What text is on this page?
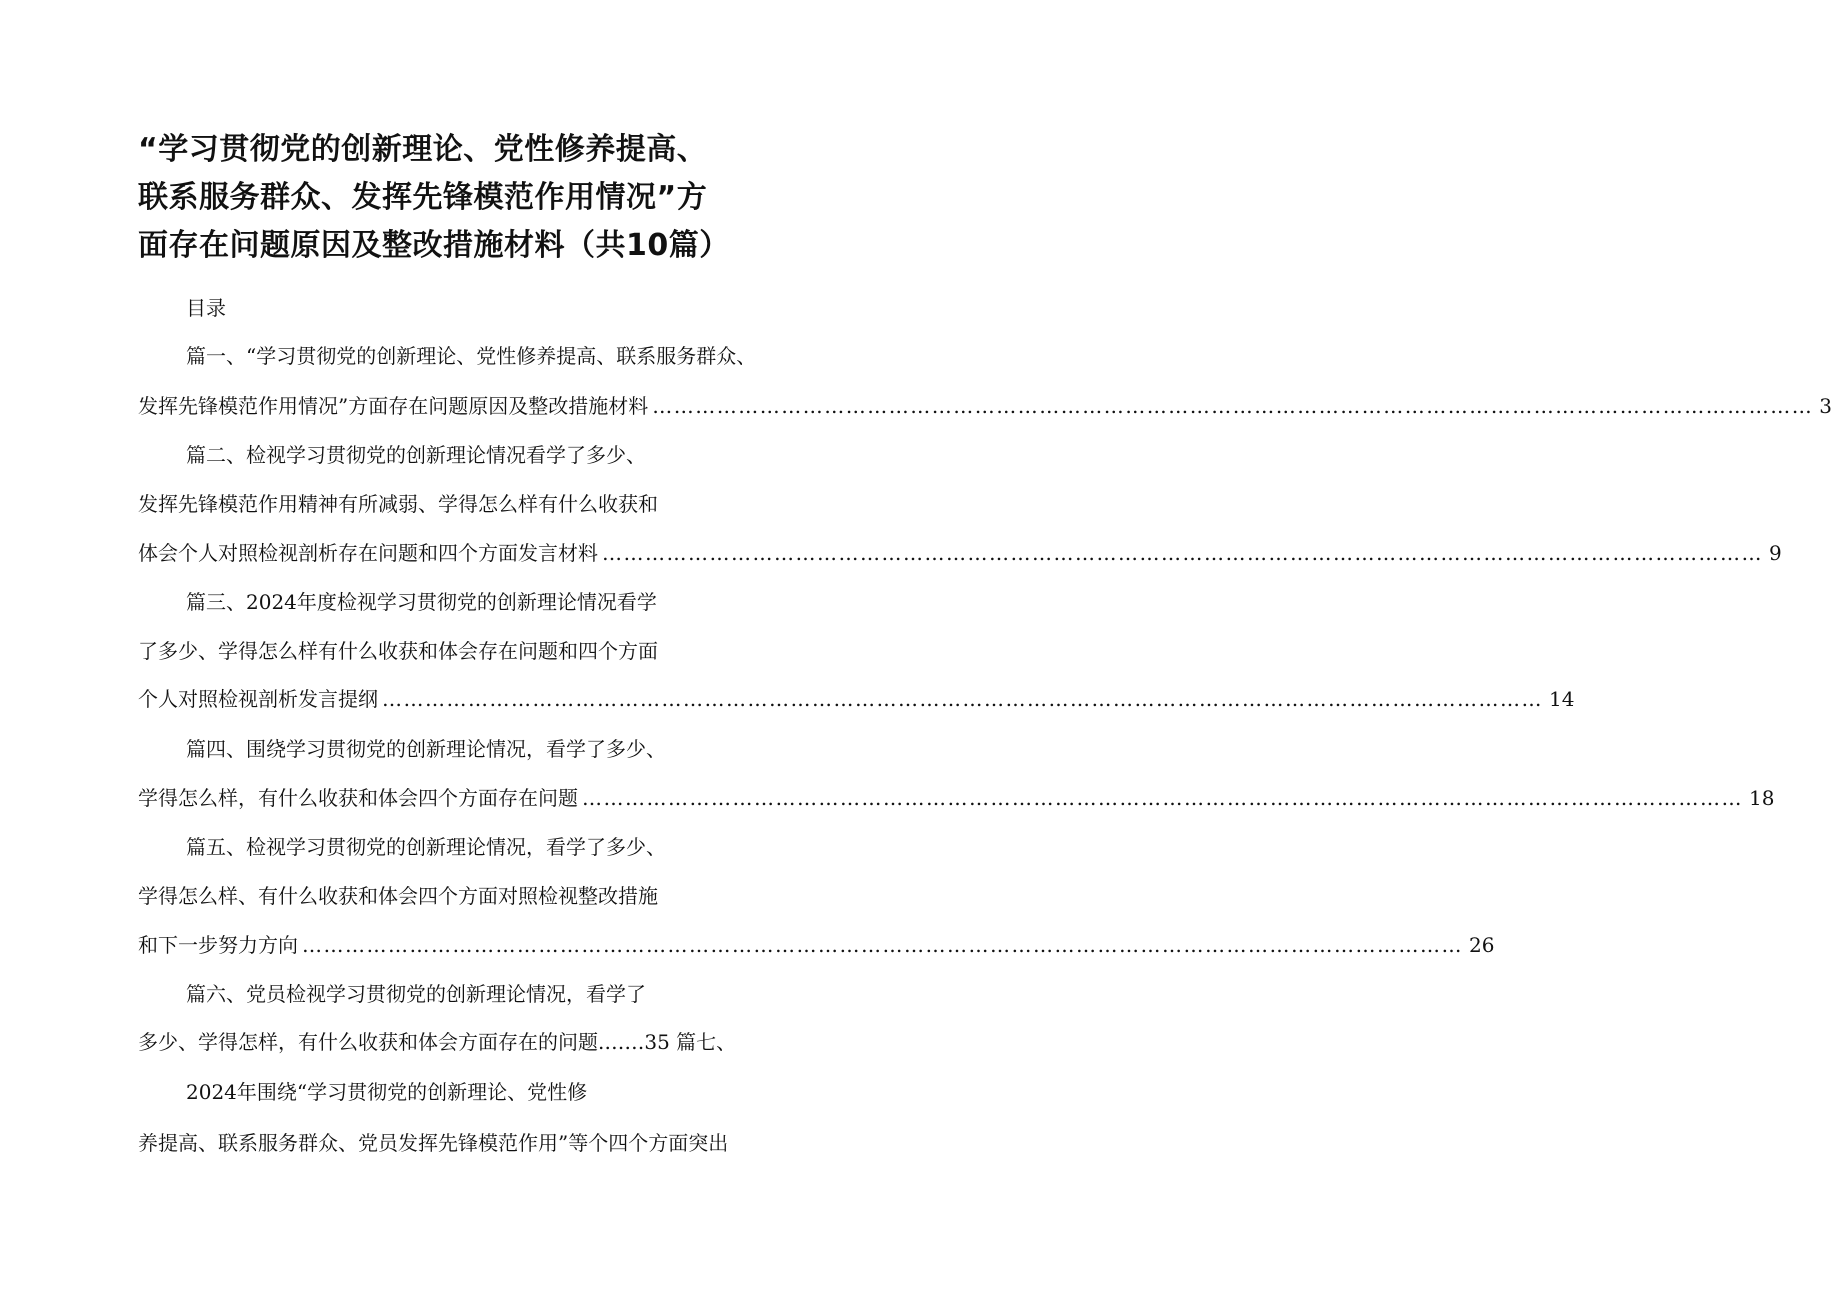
“学习贯彻党的创新理论、党性修养提高、
联系服务群众、发挥先锋模范作用情况”方
面存在问题原因及整改措施材料（共10篇）
目录
篇一、“学习贯彻党的创新理论、党性修养提高、联系服务群众、
发挥先锋模范作用情况”方面存在问题原因及整改措施材料 ……………………………………………………………………………………………………………………………………………… 3
篇二、检视学习贯彻党的创新理论情况看学了多少、
发挥先锋模范作用精神有所减弱、学得怎么样有什么收获和
体会个人对照检视剖析存在问题和四个方面发言材料 ……………………………………………………………………………………………………………………………………………… 9
篇三、2024年度检视学习贯彻党的创新理论情况看学
了多少、学得怎么样有什么收获和体会存在问题和四个方面
个人对照检视剖析发言提纲 ……………………………………………………………………………………………………………………………………………… 14
篇四、围绕学习贯彻党的创新理论情况，看学了多少、
学得怎么样，有什么收获和体会四个方面存在问题 ……………………………………………………………………………………………………………………………………………… 18
篇五、检视学习贯彻党的创新理论情况，看学了多少、
学得怎么样、有什么收获和体会四个方面对照检视整改措施
和下一步努力方向 ……………………………………………………………………………………………………………………………………………… 26
篇六、党员检视学习贯彻党的创新理论情况，看学了
多少、学得怎样，有什么收获和体会方面存在的问题.……35 篇七、
2024年围绕“学习贯彻党的创新理论、党性修
养提高、联系服务群众、党员发挥先锋模范作用”等个四个方面突出
